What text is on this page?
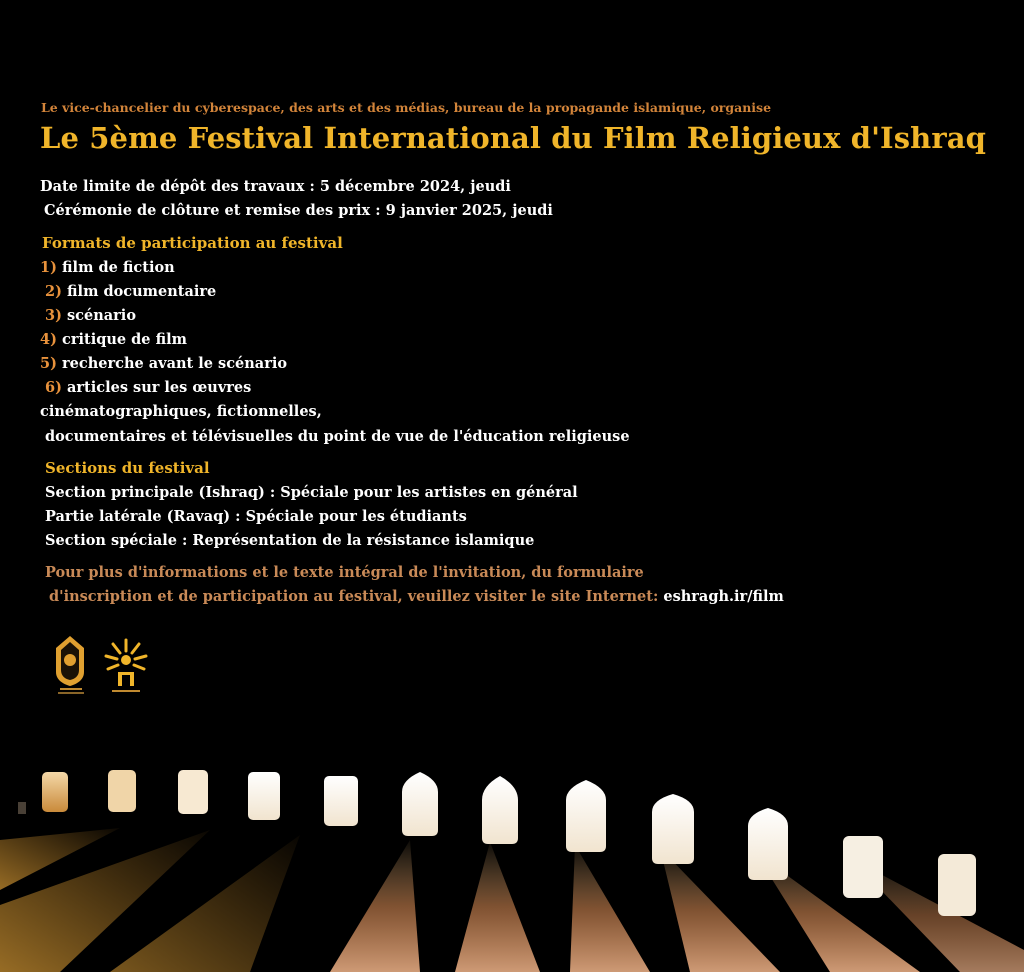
Le vice-chancelier du cyberespace, des arts et des médias, bureau de la propagande islamique, organise
Le 5ème Festival International du Film Religieux d'Ishraq
Date limite de dépôt des travaux : 5 décembre 2024, jeudi
Cérémonie de clôture et remise des prix : 9 janvier 2025, jeudi
Formats de participation au festival
1) film de fiction
2) film documentaire
3) scénario
4) critique de film
5) recherche avant le scénario
6) articles sur les œuvres
cinématographiques, fictionnelles,
documentaires et télévisuelles du point de vue de l'éducation religieuse
Sections du festival
Section principale (Ishraq) : Spéciale pour les artistes en général
Partie latérale (Ravaq) : Spéciale pour les étudiants
Section spéciale : Représentation de la résistance islamique
Pour plus d'informations et le texte intégral de l'invitation, du formulaire
d'inscription et de participation au festival, veuillez visiter le site Internet: eshragh.ir/film
